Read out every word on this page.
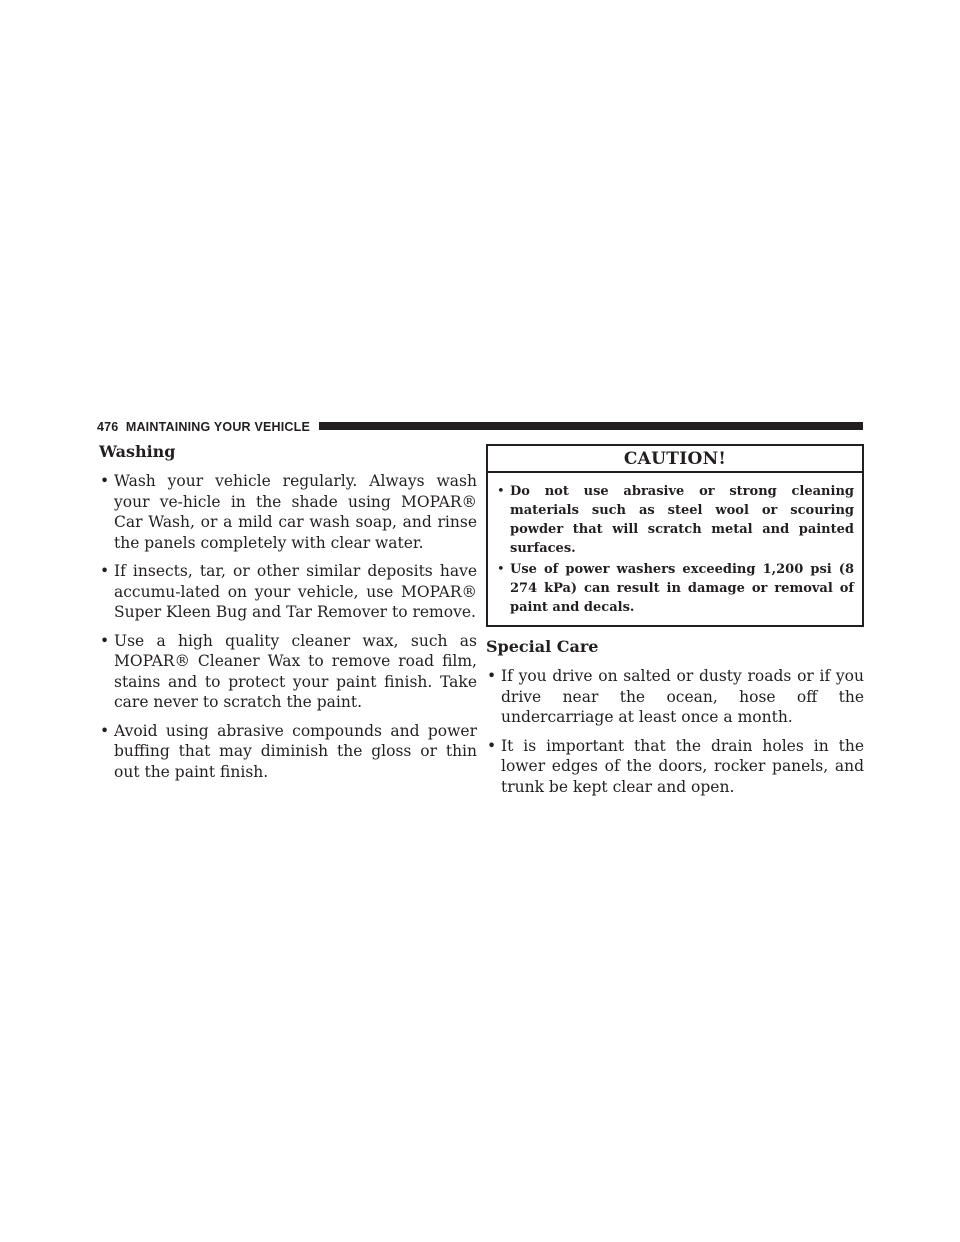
476 MAINTAINING YOUR VEHICLE
Washing
• Wash your vehicle regularly. Always wash your ve-hicle in the shade using MOPAR® Car Wash, or a mild car wash soap, and rinse the panels completely with clear water.
• If insects, tar, or other similar deposits have accumu-lated on your vehicle, use MOPAR® Super Kleen Bug and Tar Remover to remove.
• Use a high quality cleaner wax, such as MOPAR® Cleaner Wax to remove road film, stains and to protect your paint finish. Take care never to scratch the paint.
• Avoid using abrasive compounds and power buffing that may diminish the gloss or thin out the paint finish.
CAUTION!
• Do not use abrasive or strong cleaning materials such as steel wool or scouring powder that will scratch metal and painted surfaces.
• Use of power washers exceeding 1,200 psi (8 274 kPa) can result in damage or removal of paint and decals.
Special Care
• If you drive on salted or dusty roads or if you drive near the ocean, hose off the undercarriage at least once a month.
• It is important that the drain holes in the lower edges of the doors, rocker panels, and trunk be kept clear and open.
